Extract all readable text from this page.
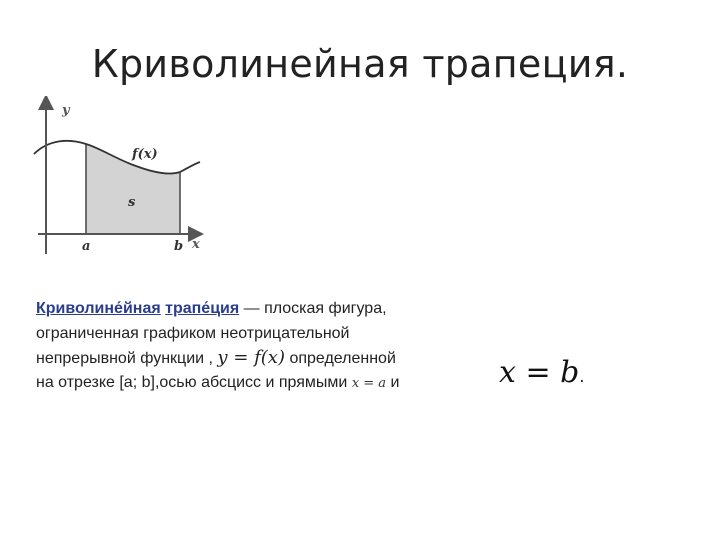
Криволинейная трапеция.
y
x
f(x)
s
a	b
Криволине́йная трапе́ция — плоская фигура,
ограниченная графиком неотрицательной
непрерывной функции , y = f(x) определенной
на отрезке [a; b],осью абсцисс и прямыми x = a и	x = b.
